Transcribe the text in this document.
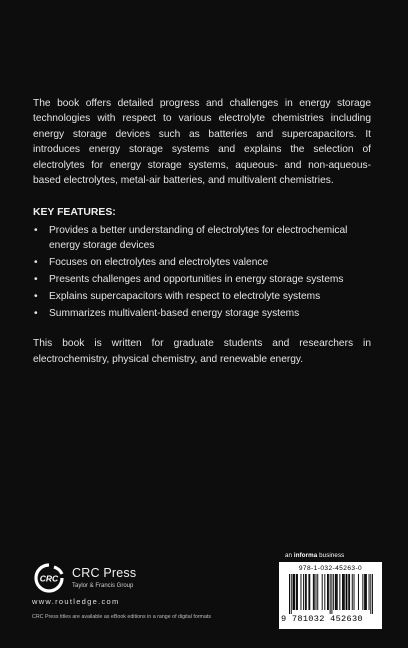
The book offers detailed progress and challenges in energy storage technologies with respect to various electrolyte chemistries including energy storage devices such as batteries and supercapacitors. It introduces energy storage systems and explains the selection of electrolytes for energy storage systems, aqueous- and non-aqueous-based electrolytes, metal-air batteries, and multivalent chemistries.

KEY FEATURES:
• Provides a better understanding of electrolytes for electrochemical energy storage devices
• Focuses on electrolytes and electrolytes valence
• Presents challenges and opportunities in energy storage systems
• Explains supercapacitors with respect to electrolyte systems
• Summarizes multivalent-based energy storage systems

This book is written for graduate students and researchers in electrochemistry, physical chemistry, and renewable energy.

CRC CRC Press
Taylor & Francis Group
www.routledge.com
CRC Press titles are available as eBook editions in a range of digital formats
an informa business
978-1-032-45263-0
9 781032 452630
